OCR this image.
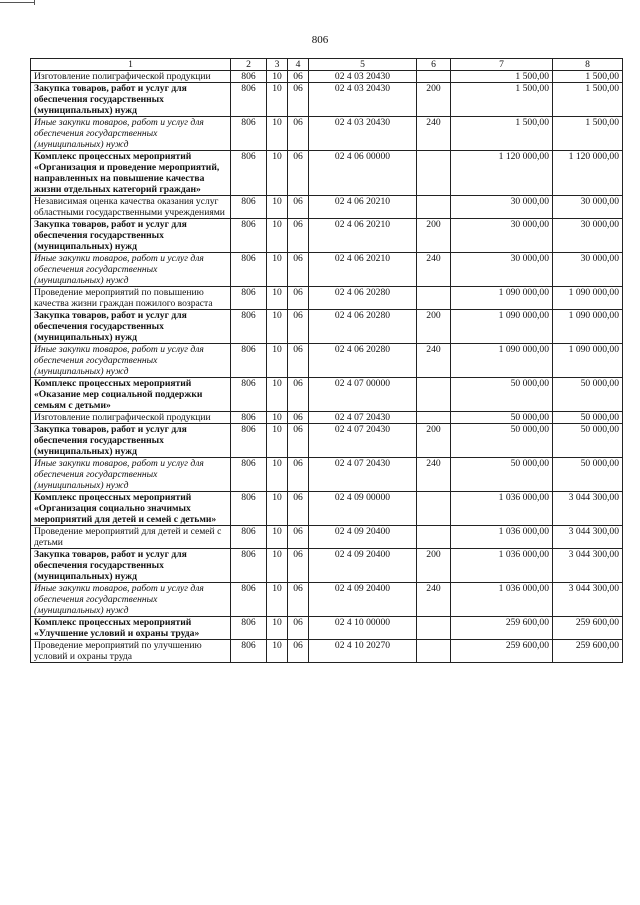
806
1	2	3	4	5	6	7	8
Изготовление полиграфической продукции	806	10	06	02 4 03 20430		1 500,00	1 500,00
Закупка товаров, работ и услуг для обеспечения государственных (муниципальных) нужд	806	10	06	02 4 03 20430	200	1 500,00	1 500,00
Иные закупки товаров, работ и услуг для обеспечения государственных (муниципальных) нужд	806	10	06	02 4 03 20430	240	1 500,00	1 500,00
Комплекс процессных мероприятий «Организация и проведение мероприятий, направленных на повышение качества жизни отдельных категорий граждан»	806	10	06	02 4 06 00000		1 120 000,00	1 120 000,00
Независимая оценка качества оказания услуг областными государственными учреждениями	806	10	06	02 4 06 20210		30 000,00	30 000,00
Закупка товаров, работ и услуг для обеспечения государственных (муниципальных) нужд	806	10	06	02 4 06 20210	200	30 000,00	30 000,00
Иные закупки товаров, работ и услуг для обеспечения государственных (муниципальных) нужд	806	10	06	02 4 06 20210	240	30 000,00	30 000,00
Проведение мероприятий по повышению качества жизни граждан пожилого возраста	806	10	06	02 4 06 20280		1 090 000,00	1 090 000,00
Закупка товаров, работ и услуг для обеспечения государственных (муниципальных) нужд	806	10	06	02 4 06 20280	200	1 090 000,00	1 090 000,00
Иные закупки товаров, работ и услуг для обеспечения государственных (муниципальных) нужд	806	10	06	02 4 06 20280	240	1 090 000,00	1 090 000,00
Комплекс процессных мероприятий «Оказание мер социальной поддержки семьям с детьми»	806	10	06	02 4 07 00000		50 000,00	50 000,00
Изготовление полиграфической продукции	806	10	06	02 4 07 20430		50 000,00	50 000,00
Закупка товаров, работ и услуг для обеспечения государственных (муниципальных) нужд	806	10	06	02 4 07 20430	200	50 000,00	50 000,00
Иные закупки товаров, работ и услуг для обеспечения государственных (муниципальных) нужд	806	10	06	02 4 07 20430	240	50 000,00	50 000,00
Комплекс процессных мероприятий «Организация социально значимых мероприятий для детей и семей с детьми»	806	10	06	02 4 09 00000		1 036 000,00	3 044 300,00
Проведение мероприятий для детей и семей с детьми	806	10	06	02 4 09 20400		1 036 000,00	3 044 300,00
Закупка товаров, работ и услуг для обеспечения государственных (муниципальных) нужд	806	10	06	02 4 09 20400	200	1 036 000,00	3 044 300,00
Иные закупки товаров, работ и услуг для обеспечения государственных (муниципальных) нужд	806	10	06	02 4 09 20400	240	1 036 000,00	3 044 300,00
Комплекс процессных мероприятий «Улучшение условий и охраны труда»	806	10	06	02 4 10 00000		259 600,00	259 600,00
Проведение мероприятий по улучшению условий и охраны труда	806	10	06	02 4 10 20270		259 600,00	259 600,00
